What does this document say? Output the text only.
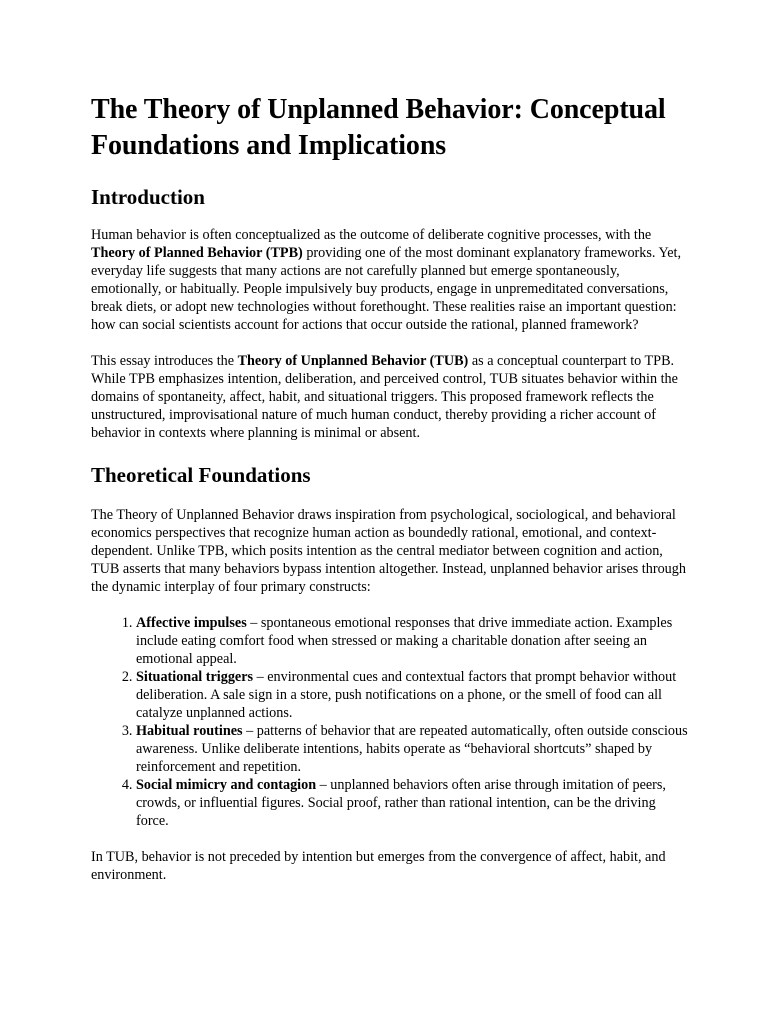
The Theory of Unplanned Behavior: Conceptual Foundations and Implications
Introduction

Human behavior is often conceptualized as the outcome of deliberate cognitive processes, with the Theory of Planned Behavior (TPB) providing one of the most dominant explanatory frameworks. Yet, everyday life suggests that many actions are not carefully planned but emerge spontaneously, emotionally, or habitually. People impulsively buy products, engage in unpremeditated conversations, break diets, or adopt new technologies without forethought. These realities raise an important question: how can social scientists account for actions that occur outside the rational, planned framework?

This essay introduces the Theory of Unplanned Behavior (TUB) as a conceptual counterpart to TPB. While TPB emphasizes intention, deliberation, and perceived control, TUB situates behavior within the domains of spontaneity, affect, habit, and situational triggers. This proposed framework reflects the unstructured, improvisational nature of much human conduct, thereby providing a richer account of behavior in contexts where planning is minimal or absent.

Theoretical Foundations

The Theory of Unplanned Behavior draws inspiration from psychological, sociological, and behavioral economics perspectives that recognize human action as boundedly rational, emotional, and context-dependent. Unlike TPB, which posits intention as the central mediator between cognition and action, TUB asserts that many behaviors bypass intention altogether. Instead, unplanned behavior arises through the dynamic interplay of four primary constructs:

1. Affective impulses – spontaneous emotional responses that drive immediate action. Examples include eating comfort food when stressed or making a charitable donation after seeing an emotional appeal.
2. Situational triggers – environmental cues and contextual factors that prompt behavior without deliberation. A sale sign in a store, push notifications on a phone, or the smell of food can all catalyze unplanned actions.
3. Habitual routines – patterns of behavior that are repeated automatically, often outside conscious awareness. Unlike deliberate intentions, habits operate as “behavioral shortcuts” shaped by reinforcement and repetition.
4. Social mimicry and contagion – unplanned behaviors often arise through imitation of peers, crowds, or influential figures. Social proof, rather than rational intention, can be the driving force.

In TUB, behavior is not preceded by intention but emerges from the convergence of affect, habit, and environment.
